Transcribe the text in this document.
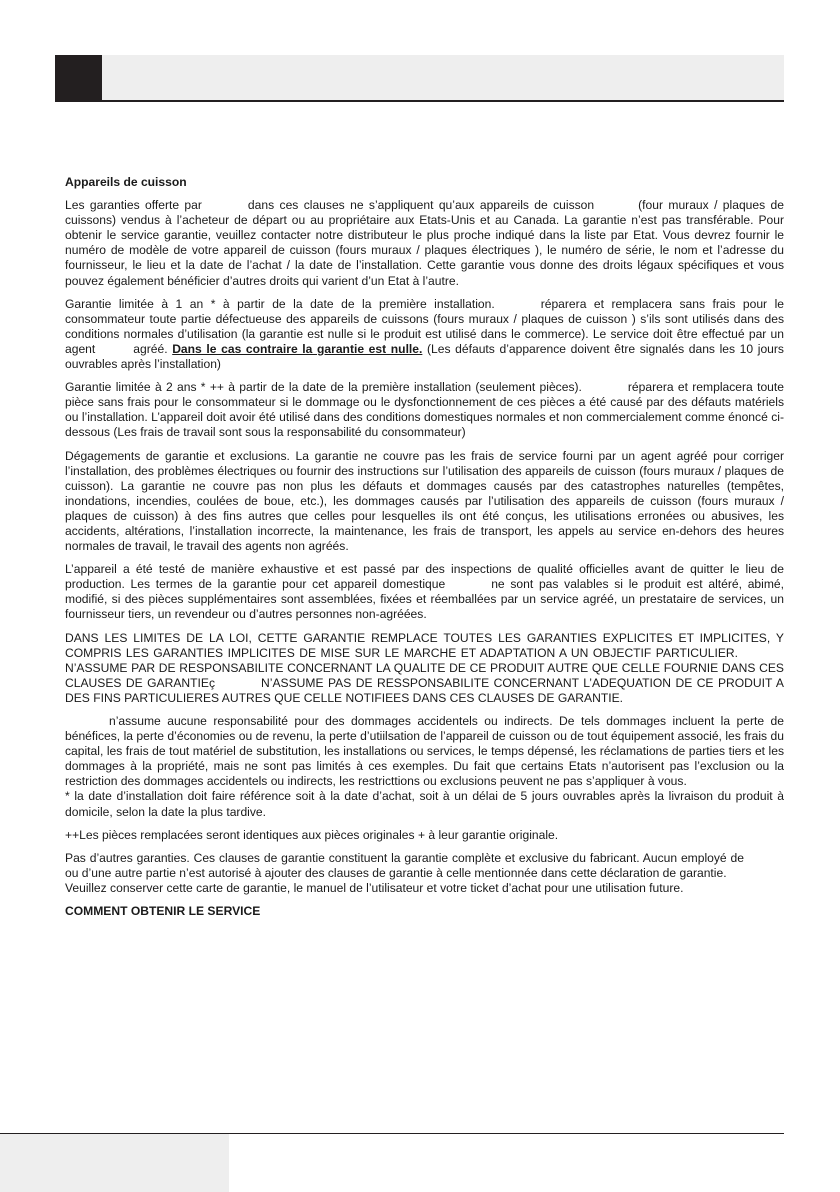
Appareils de cuisson

Les garanties offerte par	dans ces clauses ne s’appliquent qu’aux appareils de cuisson	(four muraux / plaques de cuissons) vendus à l’acheteur de départ ou au propriétaire aux Etats-Unis et au Canada. La garantie n’est pas transférable. Pour obtenir le service garantie, veuillez contacter notre distributeur le plus proche indiqué dans la liste par Etat. Vous devrez fournir le numéro de modèle de votre appareil de cuisson (fours muraux / plaques électriques ), le numéro de série, le nom et l’adresse du fournisseur, le lieu et la date de l’achat / la date de l’installation. Cette garantie vous donne des droits légaux spécifiques et vous pouvez également bénéficier d’autres droits qui varient d’un Etat à l’autre.

Garantie limitée à 1 an * à partir de la date de la première installation.	réparera et remplacera sans frais pour le consommateur toute partie défectueuse des appareils de cuissons (fours muraux / plaques de cuisson ) s’ils sont utilisés dans des conditions normales d’utilisation (la garantie est nulle si le produit est utilisé dans le commerce). Le service doit être effectué par un agent	agréé. Dans le cas contraire la garantie est nulle. (Les défauts d’apparence doivent être signalés dans les 10 jours ouvrables après l’installation)

Garantie limitée à 2 ans * ++ à partir de la date de la première installation (seulement pièces).	réparera et remplacera toute pièce sans frais pour le consommateur si le dommage ou le dysfonctionnement de ces pièces a été causé par des défauts matériels ou l’installation. L’appareil doit avoir été utilisé dans des conditions domestiques normales et non commercialement comme énoncé ci-dessous (Les frais de travail sont sous la responsabilité du consommateur)

Dégagements de garantie et exclusions. La garantie ne couvre pas les frais de service fourni par un agent agréé pour corriger l’installation, des problèmes électriques ou fournir des instructions sur l’utilisation des appareils de cuisson (fours muraux / plaques de cuisson). La garantie ne couvre pas non plus les défauts et dommages causés par des catastrophes naturelles (tempêtes, inondations, incendies, coulées de boue, etc.), les dommages causés par l’utilisation des appareils de cuisson (fours muraux / plaques de cuisson) à des fins autres que celles pour lesquelles ils ont été conçus, les utilisations erronées ou abusives, les accidents, altérations, l’installation incorrecte, la maintenance, les frais de transport, les appels au service en-dehors des heures normales de travail, le travail des agents non agréés.

L’appareil a été testé de manière exhaustive et est passé par des inspections de qualité officielles avant de quitter le lieu de production. Les termes de la garantie pour cet appareil domestique	ne sont pas valables si le produit est altéré, abimé, modifié, si des pièces supplémentaires sont assemblées, fixées et réemballées par un service agréé, un prestataire de services, un fournisseur tiers, un revendeur ou d’autres personnes non-agréées.

DANS LES LIMITES DE LA LOI, CETTE GARANTIE REMPLACE TOUTES LES GARANTIES EXPLICITES ET IMPLICITES, Y COMPRIS LES GARANTIES IMPLICITES DE MISE SUR LE MARCHE ET ADAPTATION A UN OBJECTIF PARTICULIER.N’ASSUME PAR DE RESPONSABILITE CONCERNANT LA QUALITE DE CE PRODUIT AUTRE QUE CELLE FOURNIE DANS CES CLAUSES DE GARANTIEç	N’ASSUME PAS DE RESSPONSABILITE CONCERNANT L’ADEQUATION DE CE PRODUIT A DES FINS PARTICULIERES AUTRES QUE CELLE NOTIFIEES DANS CES CLAUSES DE GARANTIE.

n’assume aucune responsabilité pour des dommages accidentels ou indirects. De tels dommages incluent la perte de bénéfices, la perte d’économies ou de revenu, la perte d’utiilsation de l’appareil de cuisson ou de tout équipement associé, les frais du capital, les frais de tout matériel de substitution, les installations ou services, le temps dépensé, les réclamations de parties tiers et les dommages à la propriété, mais ne sont pas limités à ces exemples. Du fait que certains Etats n’autorisent pas l’exclusion ou la restriction des dommages accidentels ou indirects, les restricttions ou exclusions peuvent ne pas s’appliquer à vous.

* la date d’installation doit faire référence soit à la date d’achat, soit à un délai de 5 jours ouvrables après la livraison du produit à domicile, selon la date la plus tardive.

++Les pièces remplacées seront identiques aux pièces originales + à leur garantie originale.

Pas d’autres garanties. Ces clauses de garantie constituent la garantie complète et exclusive du fabricant. Aucun employé deou d’une autre partie n’est autorisé à ajouter des clauses de garantie à celle mentionnée dans cette déclaration de garantie.

Veuillez conserver cette carte de garantie, le manuel de l’utilisateur et votre ticket d’achat pour une utilisation future.

COMMENT OBTENIR LE SERVICE
